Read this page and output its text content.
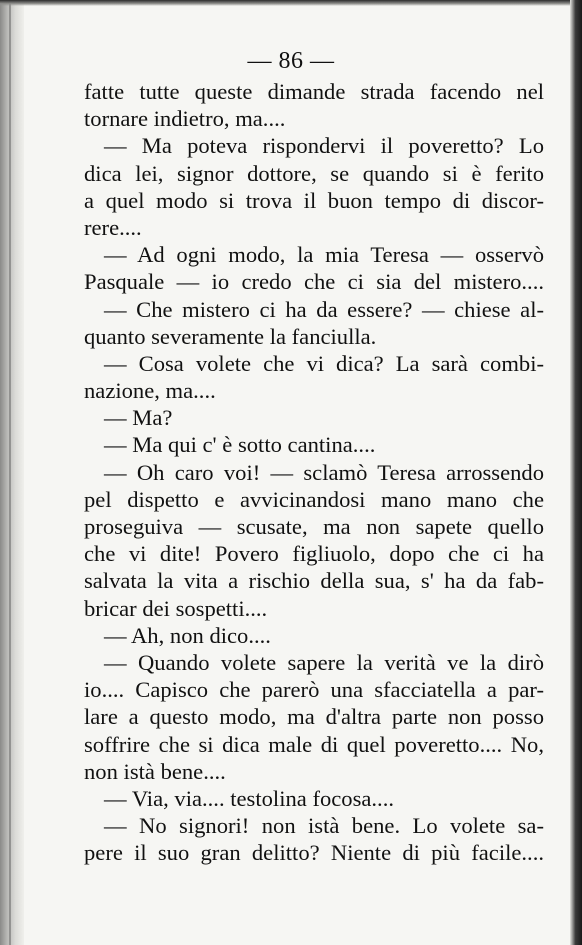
— 86 —
fatte tutte queste dimande strada facendo nel
tornare indietro, ma....
— Ma poteva rispondervi il poveretto? Lo
dica lei, signor dottore, se quando si è ferito
a quel modo si trova il buon tempo di discor-
rere....
— Ad ogni modo, la mia Teresa — osservò
Pasquale — io credo che ci sia del mistero....
— Che mistero ci ha da essere? — chiese al-
quanto severamente la fanciulla.
— Cosa volete che vi dica? La sarà combi-
nazione, ma....
— Ma?
— Ma qui c' è sotto cantina....
— Oh caro voi! — sclamò Teresa arrossendo
pel dispetto e avvicinandosi mano mano che
proseguiva — scusate, ma non sapete quello
che vi dite! Povero figliuolo, dopo che ci ha
salvata la vita a rischio della sua, s' ha da fab-
bricar dei sospetti....
— Ah, non dico....
— Quando volete sapere la verità ve la dirò
io.... Capisco che parerò una sfacciatella a par-
lare a questo modo, ma d'altra parte non posso
soffrire che si dica male di quel poveretto.... No,
non istà bene....
— Via, via.... testolina focosa....
— No signori! non istà bene. Lo volete sa-
pere il suo gran delitto? Niente di più facile....
